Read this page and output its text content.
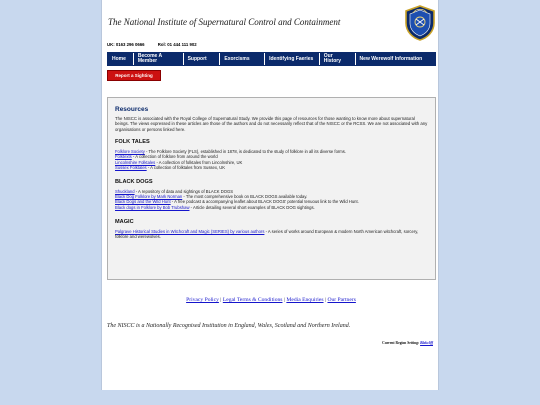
The National Institute of Supernatural Control and Containment
UK: 0163 296 0666	Rol: 01 444 111 902
Home	Become A Member	Support	Exorcisms	Identifying Faeries	Our History	New Werewolf Information
Report a Sighting
Resources
The NISCC is associated with the Royal College of Supernatural Study. We provide this page of resources for those wanting to know more about supernatural beings. The views expressed in these articles are those of the authors and do not necessarily reflect that of the NISCC or the RCSS. We are not associated with any organisations or persons linked here.
FOLK TALES
Folklore Society - The Folklore Society (FLS), established in 1878, is dedicated to the study of folklore in all its diverse forms.
Folktexts - A collection of folklore from around the world
Lincolnshire Folktales - A collection of folktales from Lincolnshire, UK
Sussex Folktales - A collection of folktales from Sussex, UK
BLACK DOGS
Shuckland - A repository of data and sightings of BLACK DOGS
Black Dog Folklore by Mark Norman - The most comprehensive book on BLACK DOGS available today.
Black Dogs and the Wild Hunt - A free podcast & accompanying leaflet about BLACK DOGS' potential tenuous link to the Wild Hunt.
Black dogs in Folklore by Bob Trubshaw - Article detailing several short examples of BLACK DOG sightings.
MAGIC
Palgrave Historical Studies in Witchcraft and Magic (SERIES) by various authors - A series of works around European & modern North American witchcraft, sorcery, folklore and werewolves.
Privacy Policy | Legal Terms & Conditions | Media Enquiries | Our Partners
The NISCC is a Nationally Recognised Institution in England, Wales, Scotland and Northern Ireland.
Current Region Setting: Blakcliff
